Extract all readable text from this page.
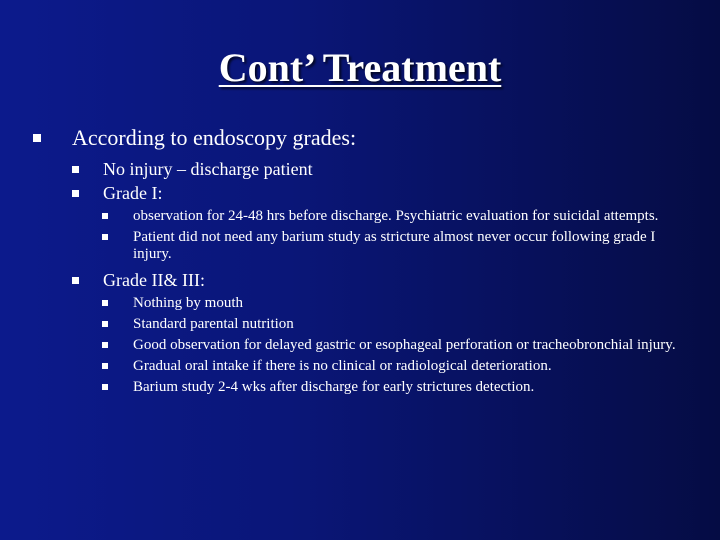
Cont’ Treatment
According to endoscopy grades:
No injury – discharge patient
Grade I:
observation for 24-48 hrs before discharge. Psychiatric evaluation for suicidal attempts.
Patient did not need any barium study as stricture almost never occur following grade I injury.
Grade II& III:
Nothing by mouth
Standard parental nutrition
Good observation for delayed gastric or esophageal perforation or tracheobronchial injury.
Gradual oral intake if there is no clinical or radiological deterioration.
Barium study 2-4 wks after discharge for early strictures detection.
